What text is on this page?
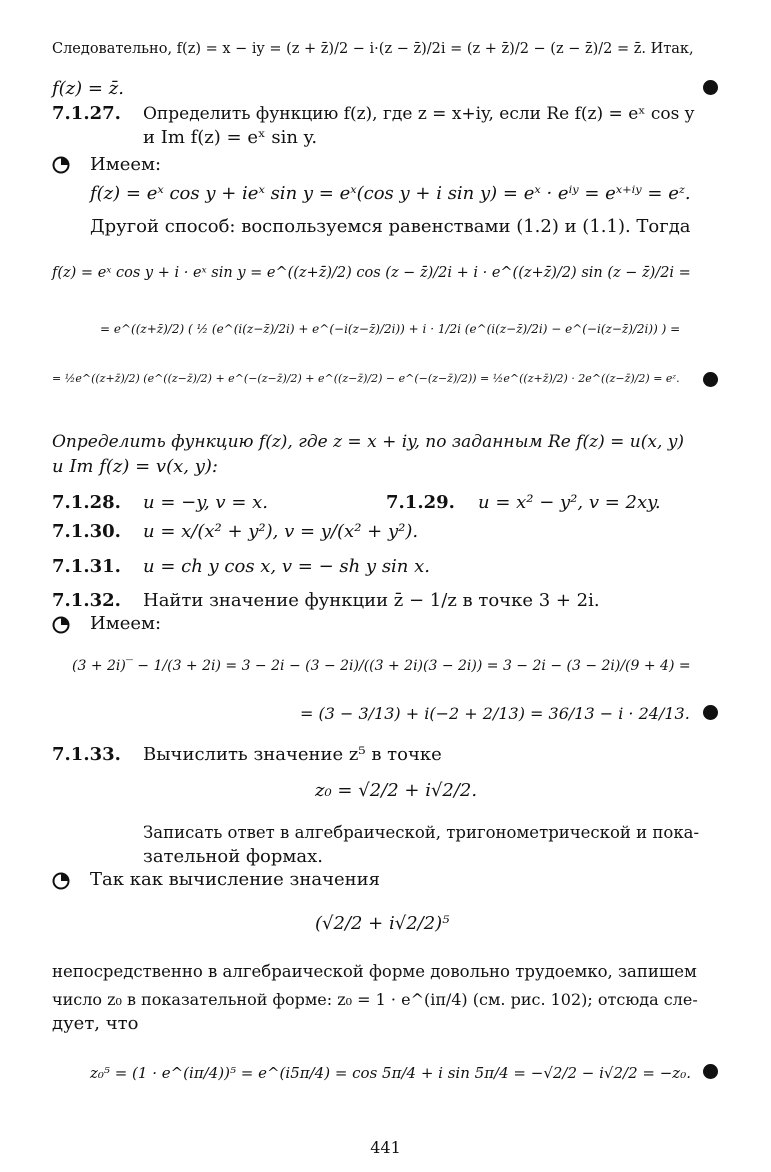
Следовательно, f(z) = x − iy = (z + z̄)/2 − i·(z − z̄)/2i = (z + z̄)/2 − (z − z̄)/2 = z̄. Итак,
f(z) = z̄.
7.1.27. Определить функцию f(z), где z = x+iy, если Re f(z) = eˣ cos y
и Im f(z) = eˣ sin y.
Имеем:
f(z) = eˣ cos y + ieˣ sin y = eˣ(cos y + i sin y) = eˣ · eⁱʸ = eˣ⁺ⁱʸ = eᶻ.
Другой способ: воспользуемся равенствами (1.2) и (1.1). Тогда
f(z) = eˣ cos y + i · eˣ sin y = e^((z+z̄)/2) cos (z − z̄)/2i + i · e^((z+z̄)/2) sin (z − z̄)/2i =
= e^((z+z̄)/2) ( ½ (e^(i(z−z̄)/2i) + e^(−i(z−z̄)/2i)) + i · 1/2i (e^(i(z−z̄)/2i) − e^(−i(z−z̄)/2i)) ) =
= ½e^((z+z̄)/2) (e^((z−z̄)/2) + e^(−(z−z̄)/2) + e^((z−z̄)/2) − e^(−(z−z̄)/2)) = ½e^((z+z̄)/2) · 2e^((z−z̄)/2) = eᶻ.
Определить функцию f(z), где z = x + iy, по заданным Re f(z) = u(x, y)
и Im f(z) = v(x, y):
7.1.28. u = −y, v = x.	7.1.29. u = x² − y², v = 2xy.
7.1.30. u = x/(x² + y²), v = y/(x² + y²).
7.1.31. u = ch y cos x, v = − sh y sin x.
7.1.32. Найти значение функции z̄ − 1/z в точке 3 + 2i.
Имеем:
(3 + 2i)‾ − 1/(3 + 2i) = 3 − 2i − (3 − 2i)/((3 + 2i)(3 − 2i)) = 3 − 2i − (3 − 2i)/(9 + 4) =
= (3 − 3/13) + i(−2 + 2/13) = 36/13 − i · 24/13.
7.1.33. Вычислить значение z⁵ в точке
z₀ = √2/2 + i√2/2.
Записать ответ в алгебраической, тригонометрической и пока-
зательной формах.
Так как вычисление значения
(√2/2 + i√2/2)⁵
непосредственно в алгебраической форме довольно трудоемко, запишем
число z₀ в показательной форме: z₀ = 1 · e^(iπ/4) (см. рис. 102); отсюда сле-
дует, что
z₀⁵ = (1 · e^(iπ/4))⁵ = e^(i5π/4) = cos 5π/4 + i sin 5π/4 = −√2/2 − i√2/2 = −z₀.
441
